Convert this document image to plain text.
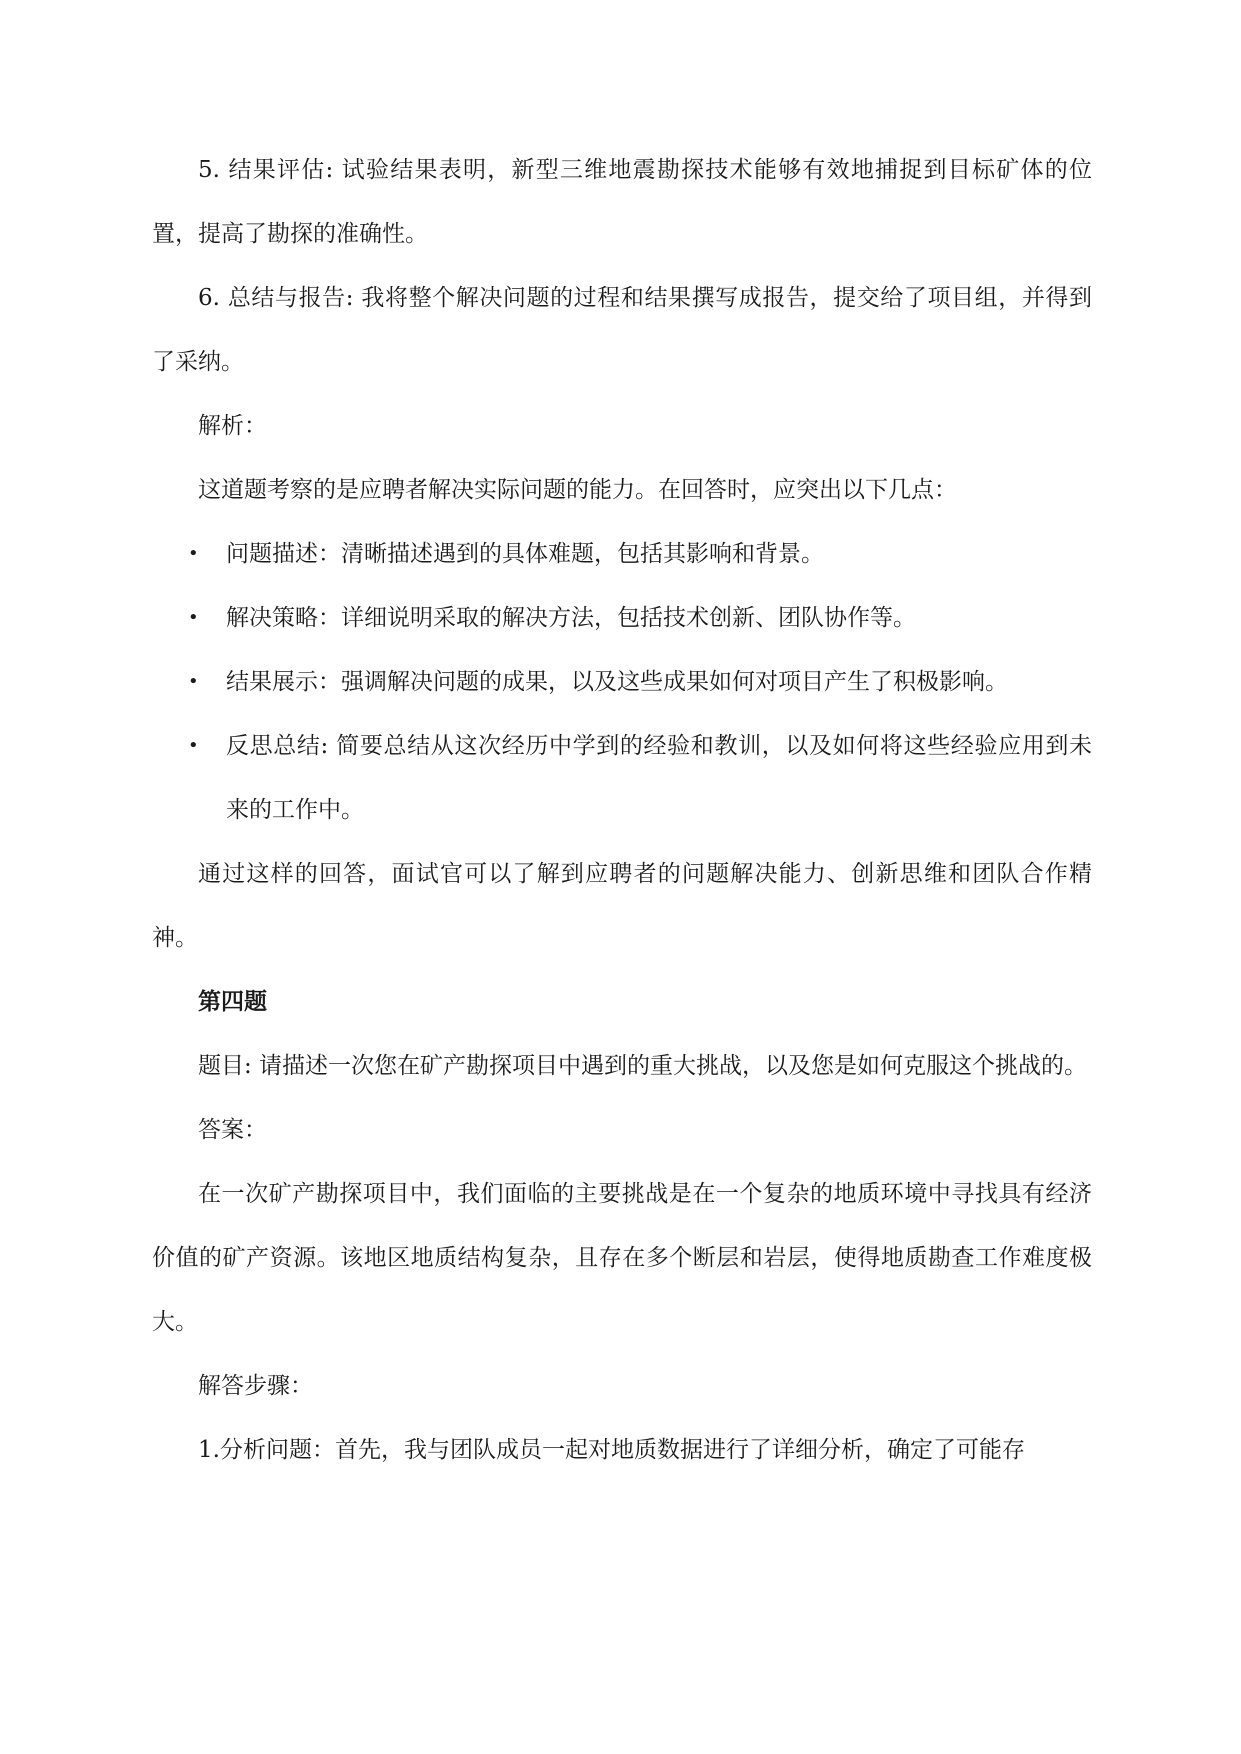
5. 结果评估: 试验结果表明，新型三维地震勘探技术能够有效地捕捉到目标矿体的位置，提高了勘探的准确性。

6. 总结与报告: 我将整个解决问题的过程和结果撰写成报告，提交给了项目组，并得到了采纳。

解析：

这道题考察的是应聘者解决实际问题的能力。在回答时，应突出以下几点：

• 问题描述：清晰描述遇到的具体难题，包括其影响和背景。
• 解决策略：详细说明采取的解决方法，包括技术创新、团队协作等。
• 结果展示：强调解决问题的成果，以及这些成果如何对项目产生了积极影响。
• 反思总结: 简要总结从这次经历中学到的经验和教训，以及如何将这些经验应用到未来的工作中。

通过这样的回答，面试官可以了解到应聘者的问题解决能力、创新思维和团队合作精神。

第四题

题目: 请描述一次您在矿产勘探项目中遇到的重大挑战，以及您是如何克服这个挑战的。

答案：

在一次矿产勘探项目中，我们面临的主要挑战是在一个复杂的地质环境中寻找具有经济价值的矿产资源。该地区地质结构复杂，且存在多个断层和岩层，使得地质勘查工作难度极大。

解答步骤：

1.分析问题：首先，我与团队成员一起对地质数据进行了详细分析，确定了可能存
